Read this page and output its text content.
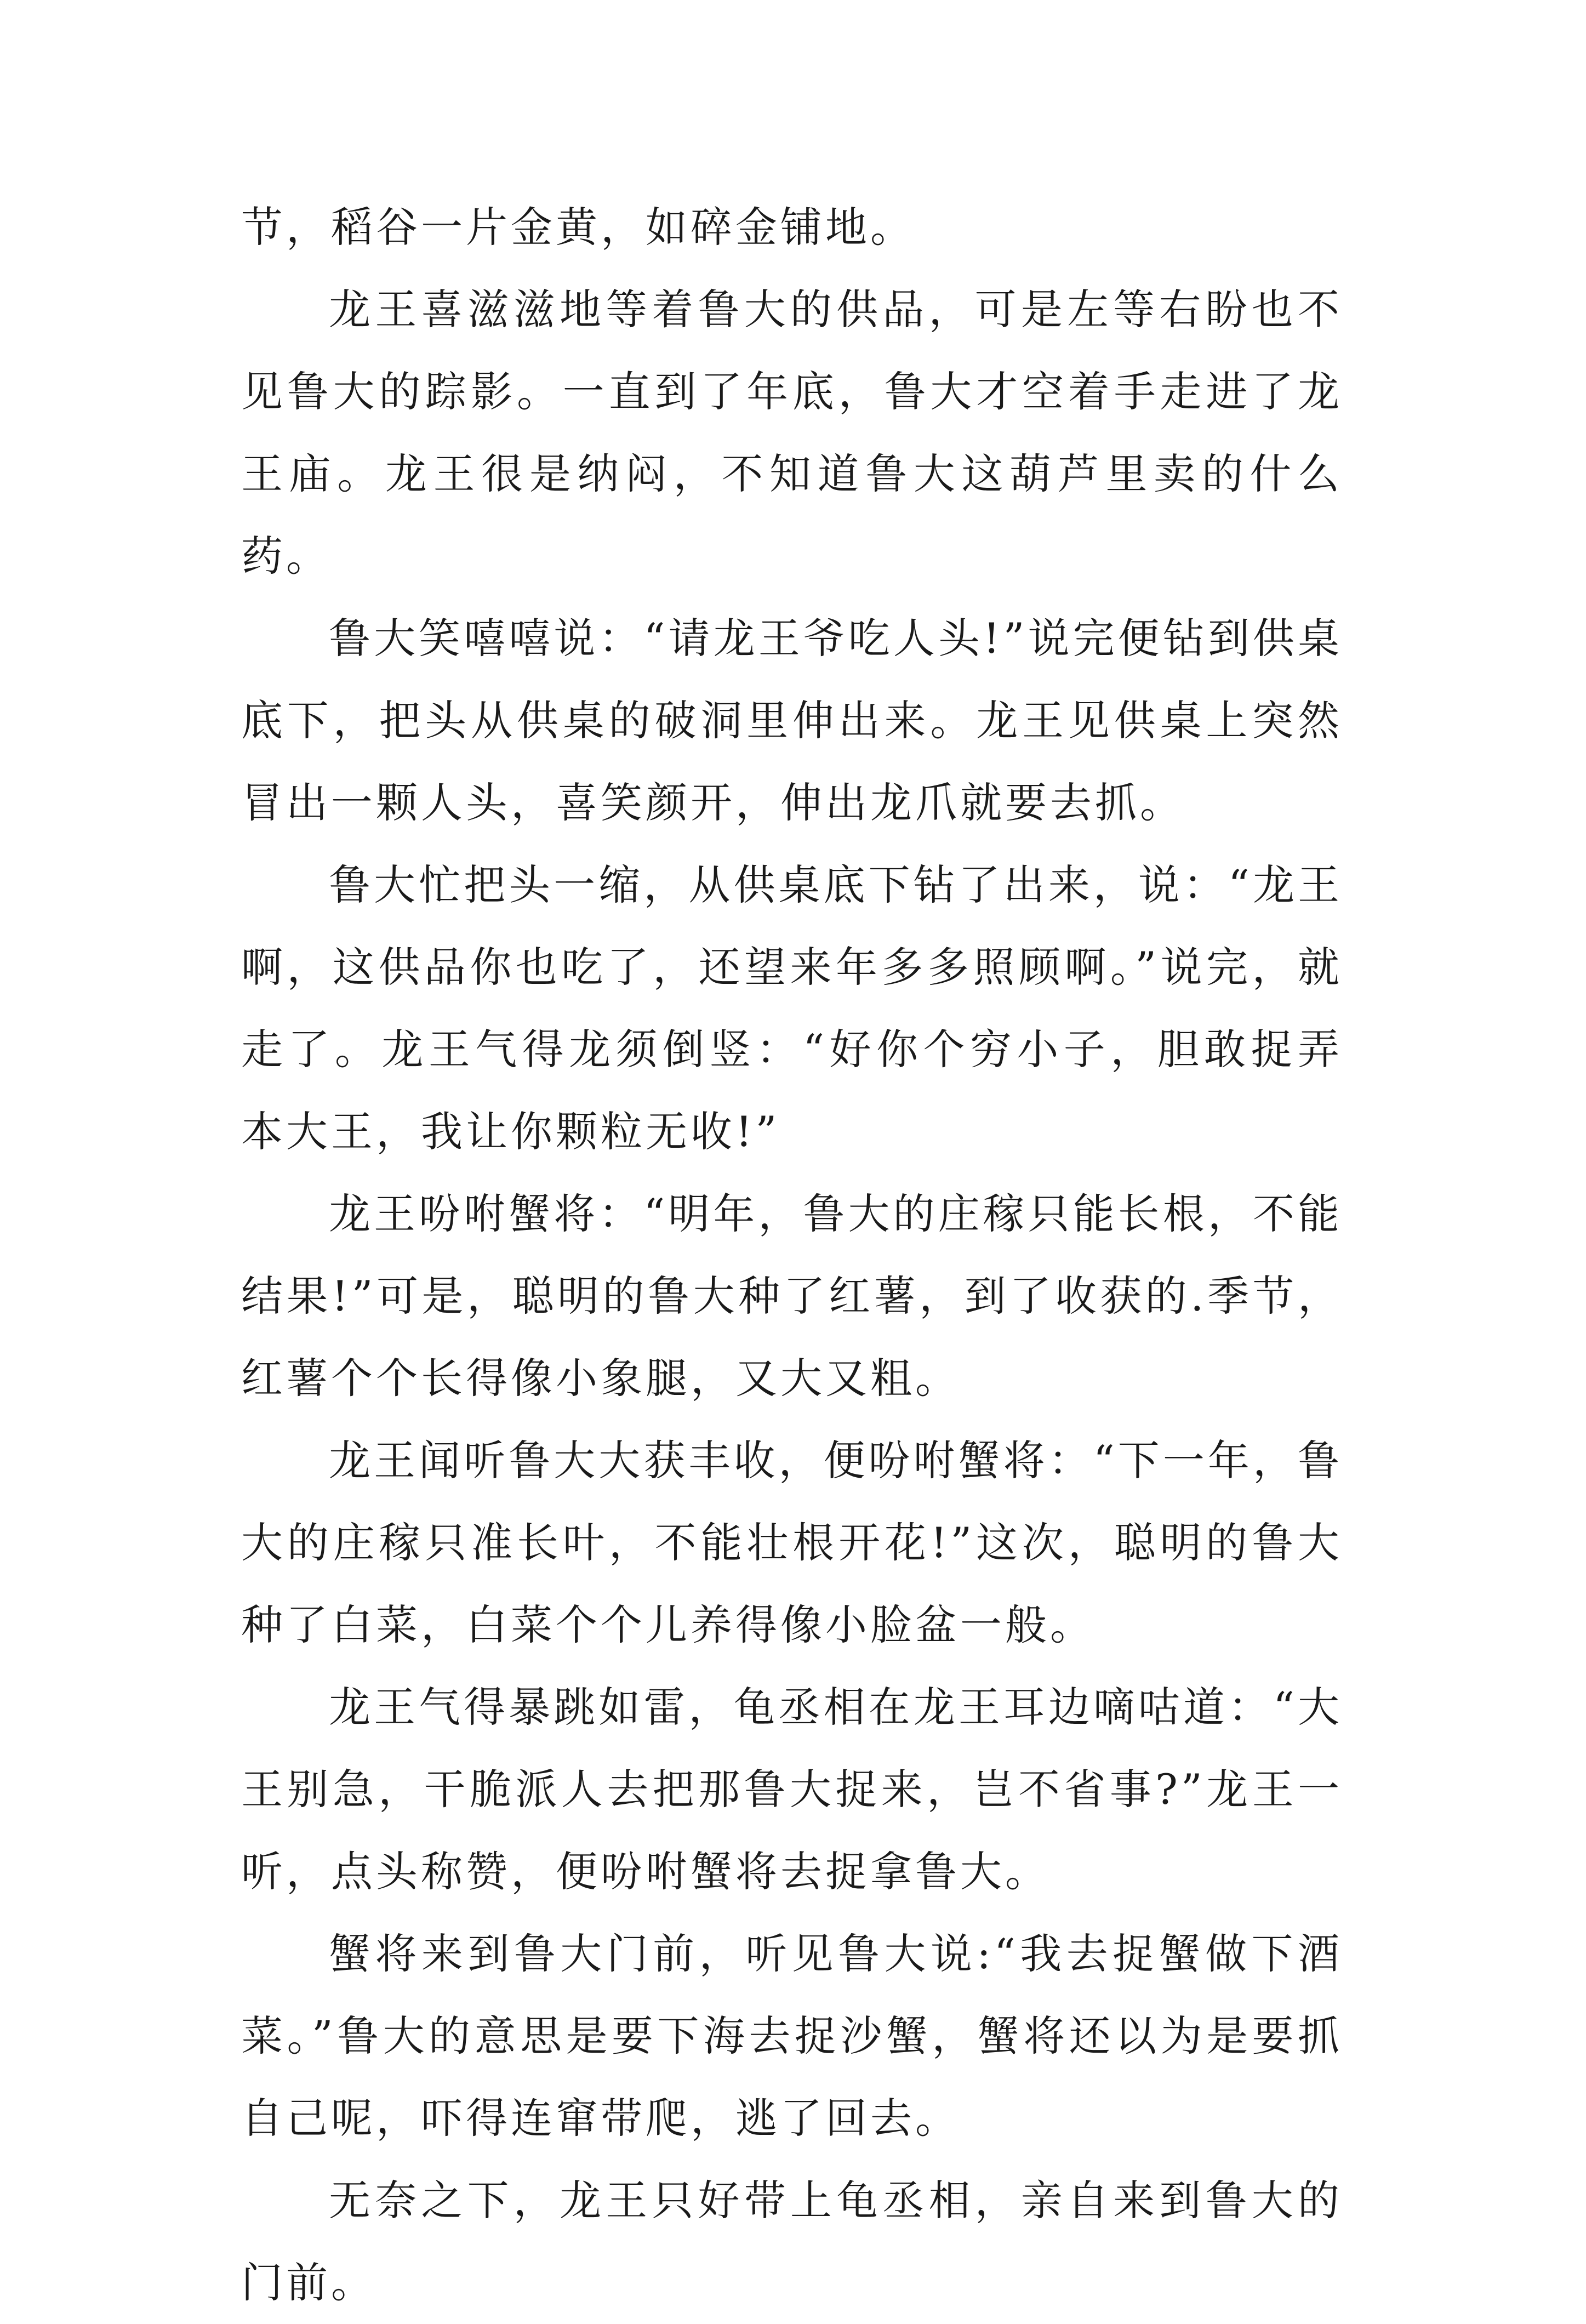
节，稻谷一片金黄，如碎金铺地。

龙王喜滋滋地等着鲁大的供品，可是左等右盼也不见鲁大的踪影。一直到了年底，鲁大才空着手走进了龙王庙。龙王很是纳闷，不知道鲁大这葫芦里卖的什么药。

鲁大笑嘻嘻说：“请龙王爷吃人头!”说完便钻到供桌底下，把头从供桌的破洞里伸出来。龙王见供桌上突然冒出一颗人头，喜笑颜开，伸出龙爪就要去抓。

鲁大忙把头一缩，从供桌底下钻了出来，说：“龙王啊，这供品你也吃了，还望来年多多照顾啊。”说完，就走了。龙王气得龙须倒竖：“好你个穷小子，胆敢捉弄本大王，我让你颗粒无收!”

龙王吩咐蟹将：“明年，鲁大的庄稼只能长根，不能结果!”可是，聪明的鲁大种了红薯，到了收获的.季节，红薯个个长得像小象腿，又大又粗。

龙王闻听鲁大大获丰收，便吩咐蟹将：“下一年，鲁大的庄稼只准长叶，不能壮根开花!”这次，聪明的鲁大种了白菜，白菜个个儿养得像小脸盆一般。

龙王气得暴跳如雷，龟丞相在龙王耳边嘀咕道：“大王别急，干脆派人去把那鲁大捉来，岂不省事?”龙王一听，点头称赞，便吩咐蟹将去捉拿鲁大。

蟹将来到鲁大门前，听见鲁大说:“我去捉蟹做下酒菜。”鲁大的意思是要下海去捉沙蟹，蟹将还以为是要抓自己呢，吓得连窜带爬，逃了回去。

无奈之下，龙王只好带上龟丞相，亲自来到鲁大的门前。
